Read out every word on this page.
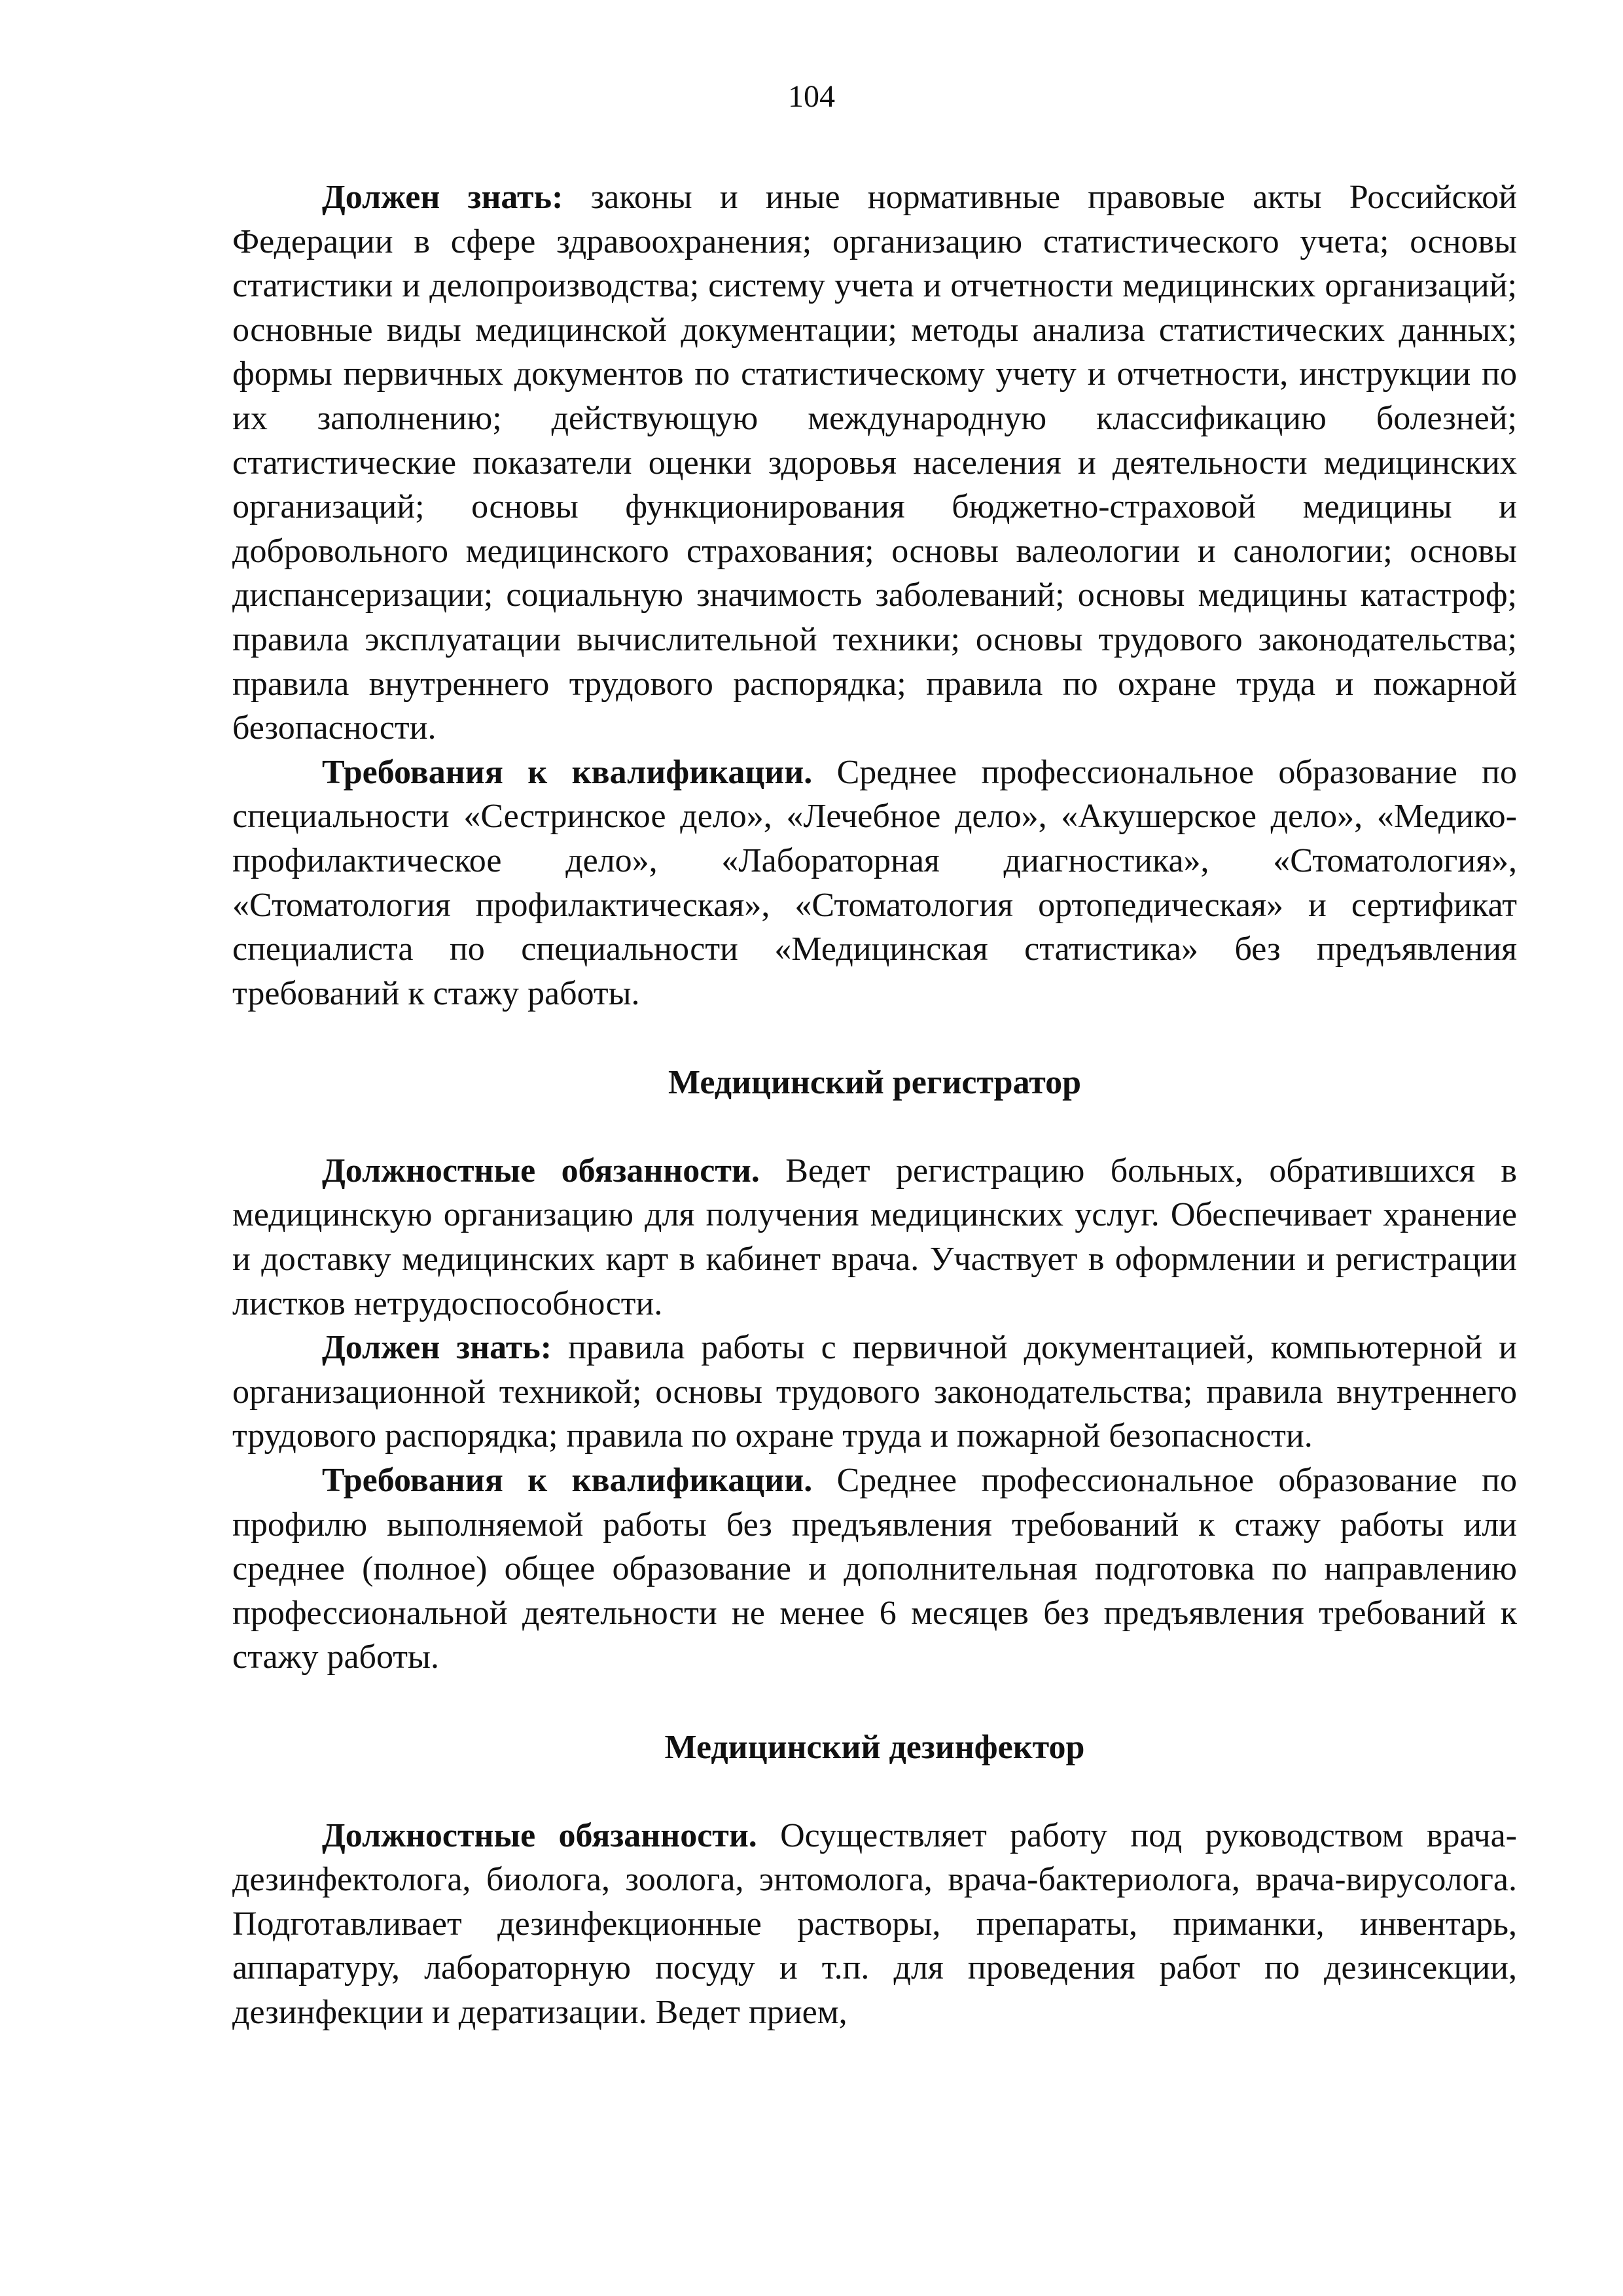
104

Должен знать: законы и иные нормативные правовые акты Российской Федерации в сфере здравоохранения; организацию статистического учета; основы статистики и делопроизводства; систему учета и отчетности медицинских организаций; основные виды медицинской документации; методы анализа статистических данных; формы первичных документов по статистическому учету и отчетности, инструкции по их заполнению; действующую международную классификацию болезней; статистические показатели оценки здоровья населения и деятельности медицинских организаций; основы функционирования бюджетно-страховой медицины и добровольного медицинского страхования; основы валеологии и санологии; основы диспансеризации; социальную значимость заболеваний; основы медицины катастроф; правила эксплуатации вычислительной техники; основы трудового законодательства; правила внутреннего трудового распорядка; правила по охране труда и пожарной безопасности.

Требования к квалификации. Среднее профессиональное образование по специальности «Сестринское дело», «Лечебное дело», «Акушерское дело», «Медико-профилактическое дело», «Лабораторная диагностика», «Стоматология», «Стоматология профилактическая», «Стоматология ортопедическая» и сертификат специалиста по специальности «Медицинская статистика» без предъявления требований к стажу работы.

Медицинский регистратор

Должностные обязанности. Ведет регистрацию больных, обратившихся в медицинскую организацию для получения медицинских услуг. Обеспечивает хранение и доставку медицинских карт в кабинет врача. Участвует в оформлении и регистрации листков нетрудоспособности.

Должен знать: правила работы с первичной документацией, компьютерной и организационной техникой; основы трудового законодательства; правила внутреннего трудового распорядка; правила по охране труда и пожарной безопасности.

Требования к квалификации. Среднее профессиональное образование по профилю выполняемой работы без предъявления требований к стажу работы или среднее (полное) общее образование и дополнительная подготовка по направлению профессиональной деятельности не менее 6 месяцев без предъявления требований к стажу работы.

Медицинский дезинфектор

Должностные обязанности. Осуществляет работу под руководством врача-дезинфектолога, биолога, зоолога, энтомолога, врача-бактериолога, врача-вирусолога. Подготавливает дезинфекционные растворы, препараты, приманки, инвентарь, аппаратуру, лабораторную посуду и т.п. для проведения работ по дезинсекции, дезинфекции и дератизации. Ведет прием,
